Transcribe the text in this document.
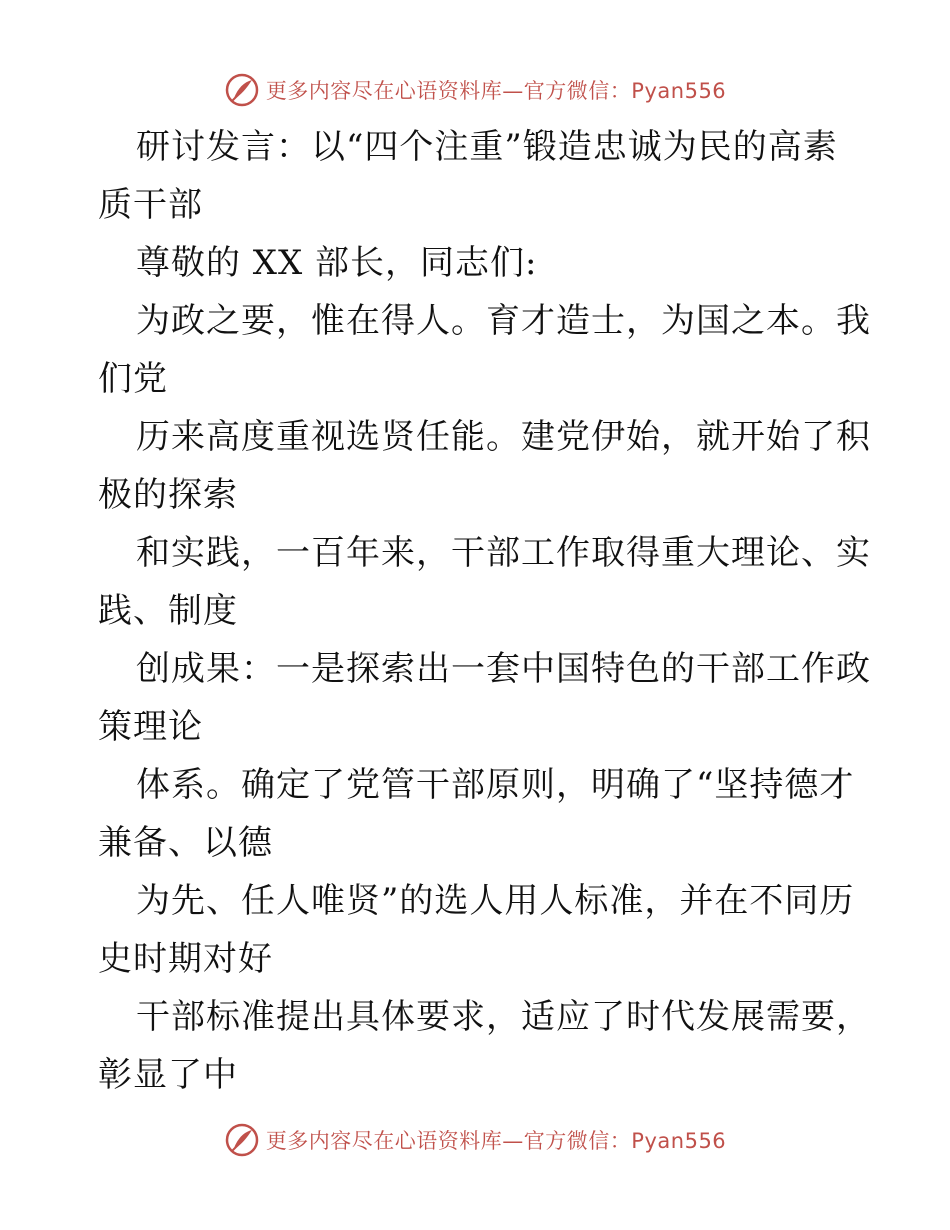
更多内容尽在心语资料库—官方微信：Pyan556
研讨发言：以“四个注重”锻造忠诚为民的高素
质干部
尊敬的 XX 部长，同志们:
为政之要，惟在得人。育才造士，为国之本。我
们党
历来高度重视选贤任能。建党伊始，就开始了积
极的探索
和实践，一百年来，干部工作取得重大理论、实
践、制度
创成果：一是探索出一套中国特色的干部工作政
策理论
体系。确定了党管干部原则，明确了“坚持德才
兼备、以德
为先、任人唯贤”的选人用人标准，并在不同历
史时期对好
干部标准提出具体要求，适应了时代发展需要，
彰显了中
更多内容尽在心语资料库—官方微信：Pyan556
